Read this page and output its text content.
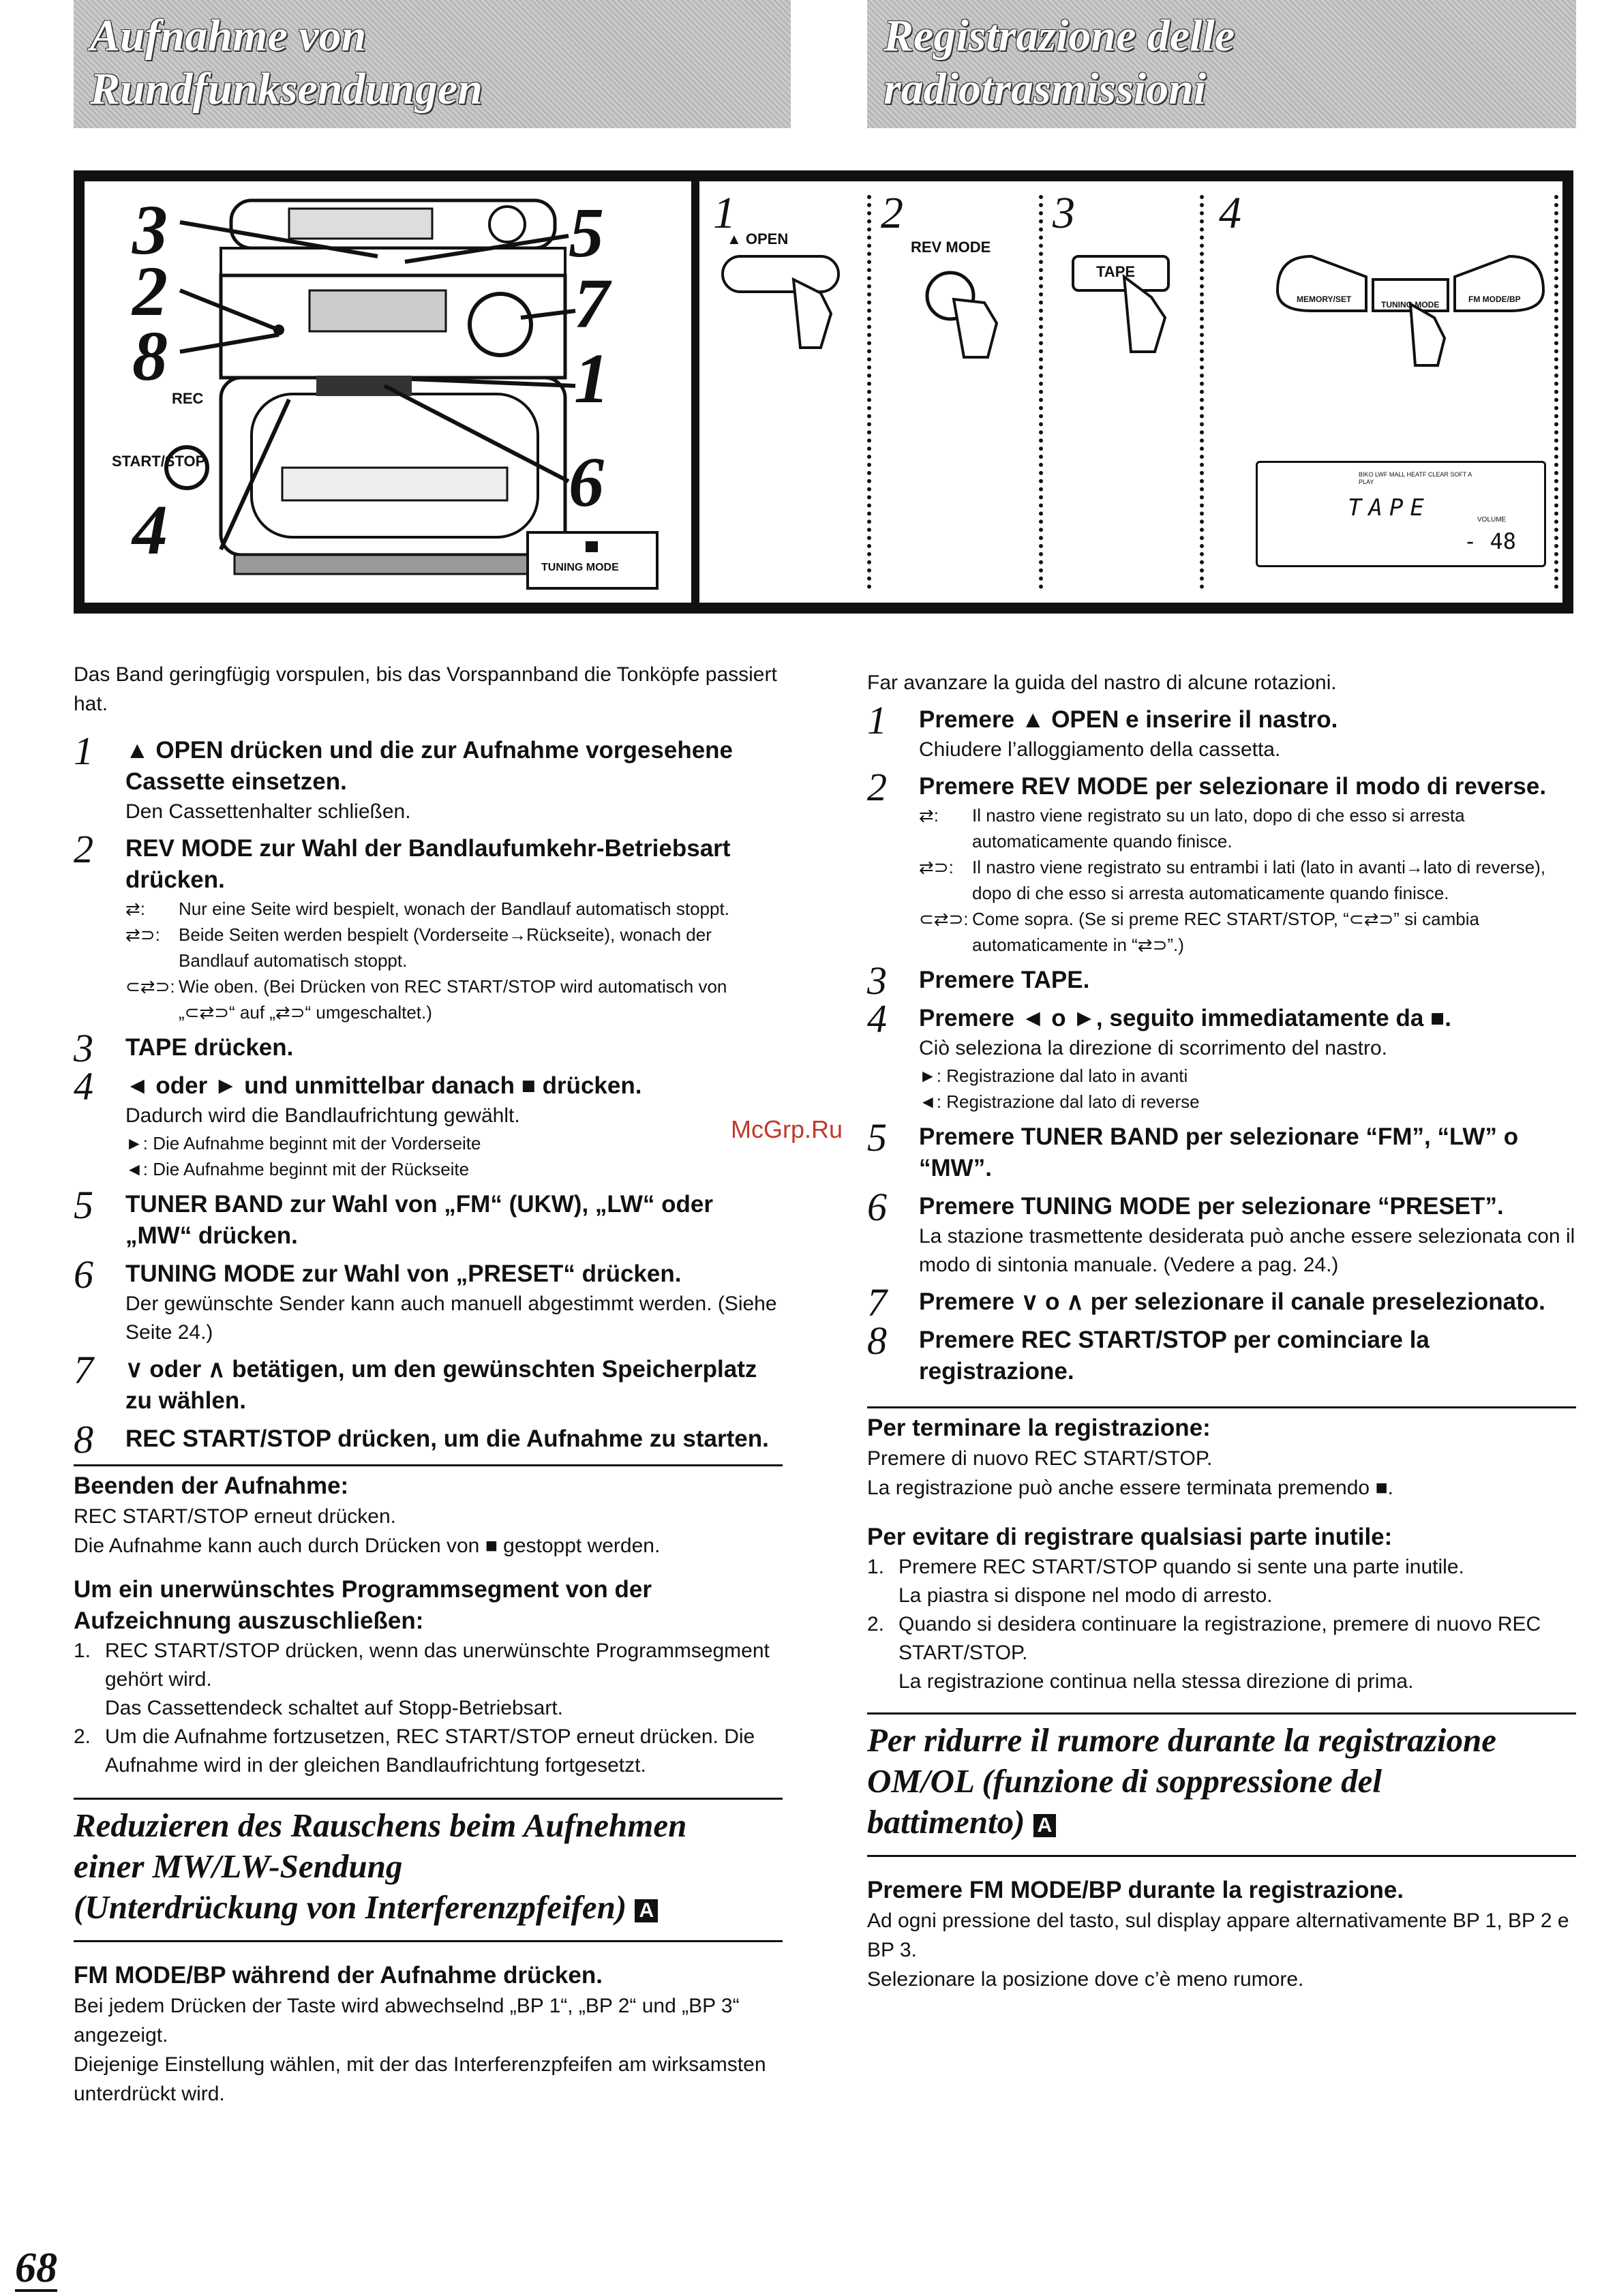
Aufnahme von
Rundfunksendungen
Registrazione delle
radiotrasmissioni
3
2
8
REC
START/STOP
4
5
7
1
6
TUNING MODE
1
▲ OPEN
2
REV MODE
3
TAPE
4
MEMORY/SET
TUNING MODE
FM MODE/BP
BIKO LWF MALL HEATF CLEAR SOFT A PLAY
TAPE	VOLUME
- 48

Das Band geringfügig vorspulen, bis das Vorspannband die Tonköpfe passiert hat.

1 ▲ OPEN drücken und die zur Aufnahme vorgesehene Cassette einsetzen.

Den Cassettenhalter schließen.

2 REV MODE zur Wahl der Bandlaufumkehr-Betriebsart drücken.

⇄: Nur eine Seite wird bespielt, wonach der Bandlauf automatisch stoppt.

⇄⊃: Beide Seiten werden bespielt (Vorderseite→Rückseite), wonach der Bandlauf automatisch stoppt.

⊂⇄⊃: Wie oben. (Bei Drücken von REC START/STOP wird automatisch von „⊂⇄⊃“ auf „⇄⊃“ umgeschaltet.)

3 TAPE drücken.

4 ◄ oder ► und unmittelbar danach ■ drücken.

Dadurch wird die Bandlaufrichtung gewählt.

►: Die Aufnahme beginnt mit der Vorderseite

◄: Die Aufnahme beginnt mit der Rückseite

5 TUNER BAND zur Wahl von „FM“ (UKW), „LW“ oder „MW“ drücken.

6 TUNING MODE zur Wahl von „PRESET“ drücken.

Der gewünschte Sender kann auch manuell abgestimmt werden. (Siehe Seite 24.)

7 ∨ oder ∧ betätigen, um den gewünschten Speicherplatz zu wählen.

8 REC START/STOP drücken, um die Aufnahme zu starten.

Beenden der Aufnahme:

REC START/STOP erneut drücken.

Die Aufnahme kann auch durch Drücken von ■ gestoppt werden.

Um ein unerwünschtes Programmsegment von der Aufzeichnung auszuschließen:

1. REC START/STOP drücken, wenn das unerwünschte Programmsegment gehört wird.
Das Cassettendeck schaltet auf Stopp-Betriebsart.
2. Um die Aufnahme fortzusetzen, REC START/STOP erneut drücken. Die Aufnahme wird in der gleichen Bandlaufrichtung fortgesetzt.

Reduzieren des Rauschens beim Aufnehmen

einer MW/LW-Sendung

(Unterdrückung von Interferenzpfeifen) A

FM MODE/BP während der Aufnahme drücken.

Bei jedem Drücken der Taste wird abwechselnd „BP 1“, „BP 2“ und „BP 3“ angezeigt.

Diejenige Einstellung wählen, mit der das Interferenzpfeifen am wirksamsten unterdrückt wird.

Far avanzare la guida del nastro di alcune rotazioni.

1 Premere ▲ OPEN e inserire il nastro.

Chiudere l’alloggiamento della cassetta.

2 Premere REV MODE per selezionare il modo di reverse.

⇄: Il nastro viene registrato su un lato, dopo di che esso si arresta automaticamente quando finisce.

⇄⊃: Il nastro viene registrato su entrambi i lati (lato in avanti→lato di reverse), dopo di che esso si arresta automaticamente quando finisce.

⊂⇄⊃: Come sopra. (Se si preme REC START/STOP, “⊂⇄⊃” si cambia automaticamente in “⇄⊃”.)

3 Premere TAPE.

4 Premere ◄ o ►, seguito immediatamente da ■.

Ciò seleziona la direzione di scorrimento del nastro.

►: Registrazione dal lato in avanti

◄: Registrazione dal lato di reverse

5 Premere TUNER BAND per selezionare “FM”, “LW” o “MW”.

6 Premere TUNING MODE per selezionare “PRESET”.

La stazione trasmettente desiderata può anche essere selezionata con il modo di sintonia manuale. (Vedere a pag. 24.)

7 Premere ∨ o ∧ per selezionare il canale preselezionato.

8 Premere REC START/STOP per cominciare la registrazione.

Per terminare la registrazione:

Premere di nuovo REC START/STOP.

La registrazione può anche essere terminata premendo ■.

Per evitare di registrare qualsiasi parte inutile:

1. Premere REC START/STOP quando si sente una parte inutile.
La piastra si dispone nel modo di arresto.
2. Quando si desidera continuare la registrazione, premere di nuovo REC START/STOP.
La registrazione continua nella stessa direzione di prima.

Per ridurre il rumore durante la registrazione

OM/OL (funzione di soppressione del

battimento) A

Premere FM MODE/BP durante la registrazione.

Ad ogni pressione del tasto, sul display appare alternativamente BP 1, BP 2 e BP 3.

Selezionare la posizione dove c’è meno rumore.

McGrp.Ru
68
